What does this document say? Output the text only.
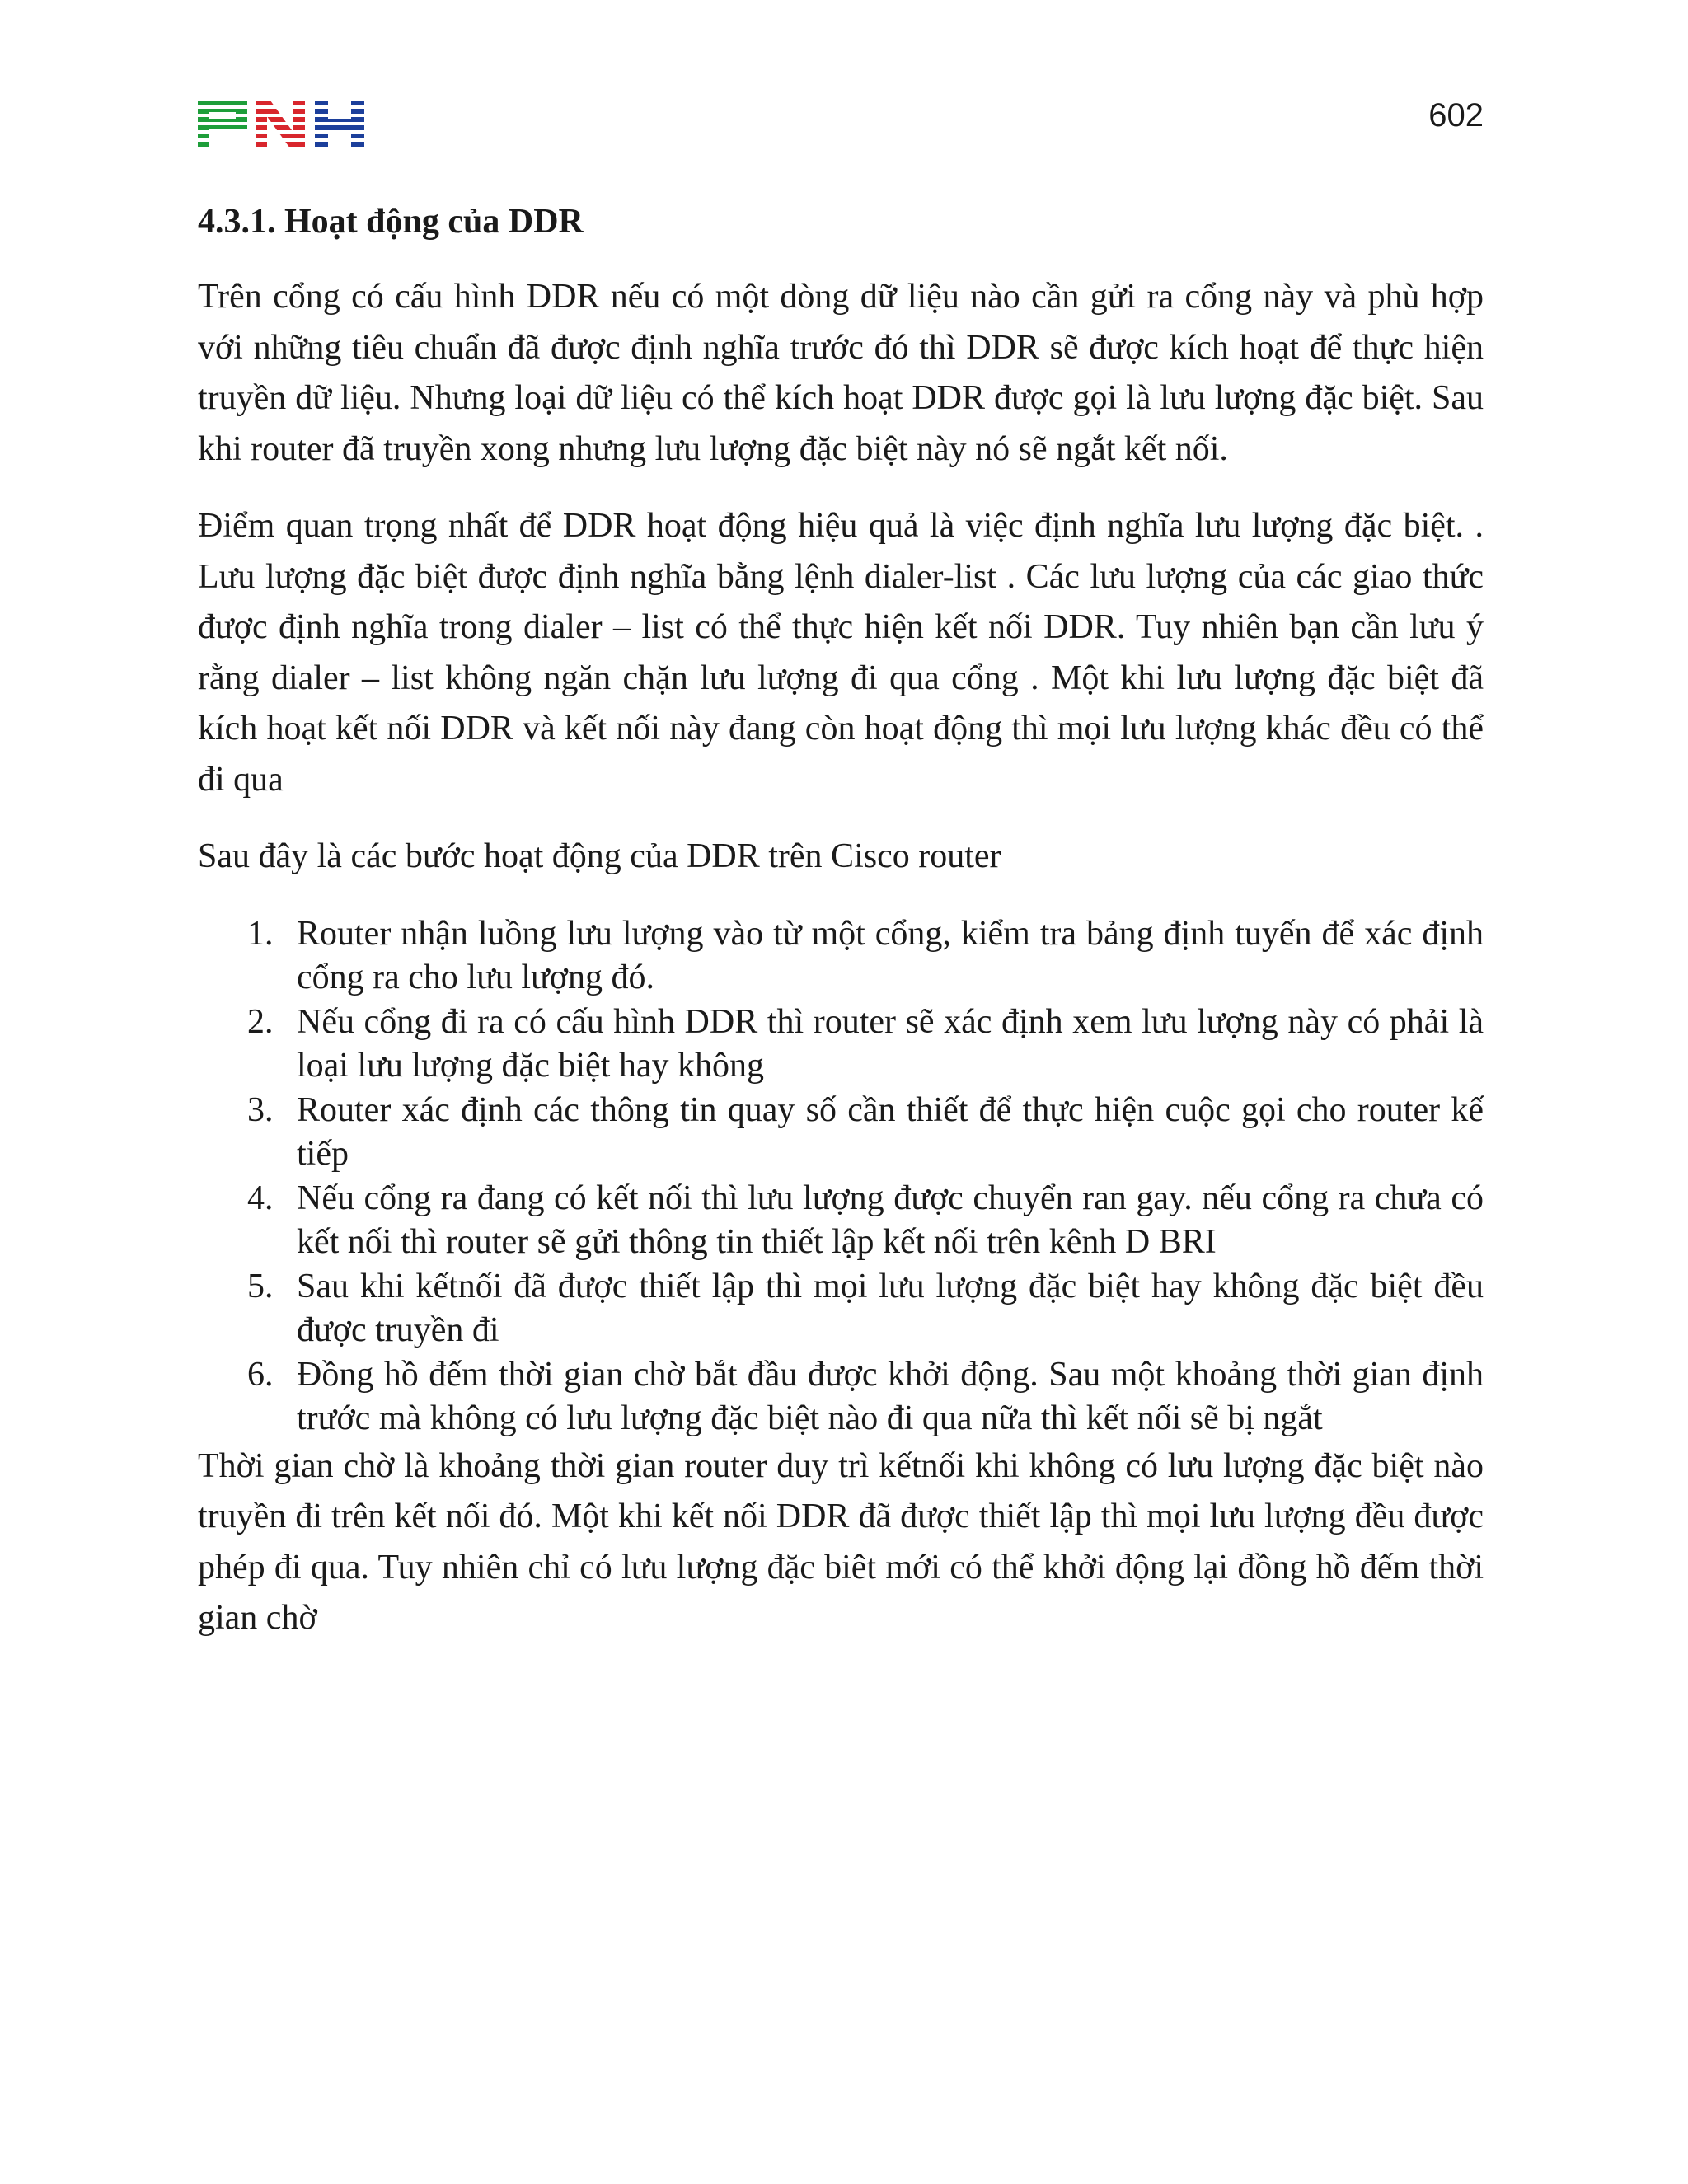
602
4.3.1. Hoạt động của DDR

Trên cổng có cấu hình DDR nếu có một dòng dữ liệu nào cần gửi ra cổng này và phù hợp với những tiêu chuẩn đã được định nghĩa trước đó thì DDR sẽ được kích hoạt để thực hiện truyền dữ liệu. Nhưng loại dữ liệu có thể kích hoạt DDR được gọi là lưu lượng đặc biệt. Sau khi router đã truyền xong nhưng lưu lượng đặc biệt này nó sẽ ngắt kết nối.

Điểm quan trọng nhất để DDR hoạt động hiệu quả là việc định nghĩa lưu lượng đặc biệt. . Lưu lượng đặc biệt được định nghĩa bằng lệnh dialer-list . Các lưu lượng của các giao thức được định nghĩa trong dialer – list có thể thực hiện kết nối DDR. Tuy nhiên bạn cần lưu ý rằng dialer – list không ngăn chặn lưu lượng đi qua cổng . Một khi lưu lượng đặc biệt đã kích hoạt kết nối DDR và kết nối này đang còn hoạt động thì mọi lưu lượng khác đều có thể đi qua

Sau đây là các bước hoạt động của DDR trên Cisco router

1. Router nhận luồng lưu lượng vào từ một cổng, kiểm tra bảng định tuyến để xác định cổng ra cho lưu lượng đó.
2. Nếu cổng đi ra có cấu hình DDR thì router sẽ xác định xem lưu lượng này có phải là loại lưu lượng đặc biệt hay không
3. Router xác định các thông tin quay số cần thiết để thực hiện cuộc gọi cho router kế tiếp
4. Nếu cổng ra đang có kết nối thì lưu lượng được chuyển ran gay. nếu cổng ra chưa có kết nối thì router sẽ gửi thông tin thiết lập kết nối trên kênh D BRI
5. Sau khi kếtnối đã được thiết lập thì mọi lưu lượng đặc biệt hay không đặc biệt đều được truyền đi
6. Đồng hồ đếm thời gian chờ bắt đầu được khởi động. Sau một khoảng thời gian định trước mà không có lưu lượng đặc biệt nào đi qua nữa thì kết nối sẽ bị ngắt

Thời gian chờ là khoảng thời gian router duy trì kếtnối khi không có lưu lượng đặc biệt nào truyền đi trên kết nối đó. Một khi kết nối DDR đã được thiết lập thì mọi lưu lượng đều được phép đi qua. Tuy nhiên chỉ có lưu lượng đặc biêt mới có thể khởi động lại đồng hồ đếm thời gian chờ
